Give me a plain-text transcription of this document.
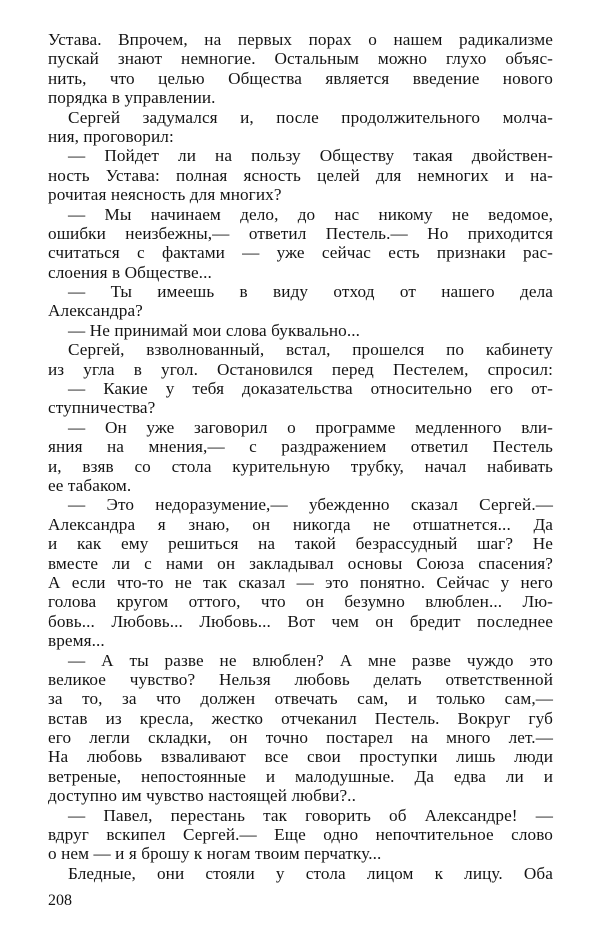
Устава. Впрочем, на первых порах о нашем радикализме
пускай знают немногие. Остальным можно глухо объяс-
нить, что целью Общества является введение нового
порядка в управлении.
Сергей задумался и, после продолжительного молча-
ния, проговорил:
— Пойдет ли на пользу Обществу такая двойствен-
ность Устава: полная ясность целей для немногих и на-
рочитая неясность для многих?
— Мы начинаем дело, до нас никому не ведомое,
ошибки неизбежны,— ответил Пестель.— Но приходится
считаться с фактами — уже сейчас есть признаки рас-
слоения в Обществе...
— Ты имеешь в виду отход от нашего дела
Александра?
— Не принимай мои слова буквально...
Сергей, взволнованный, встал, прошелся по кабинету
из угла в угол. Остановился перед Пестелем, спросил:
— Какие у тебя доказательства относительно его от-
ступничества?
— Он уже заговорил о программе медленного вли-
яния на мнения,— с раздражением ответил Пестель
и, взяв со стола курительную трубку, начал набивать
ее табаком.
— Это недоразумение,— убежденно сказал Сергей.—
Александра я знаю, он никогда не отшатнется... Да
и как ему решиться на такой безрассудный шаг? Не
вместе ли с нами он закладывал основы Союза спасения?
А если что-то не так сказал — это понятно. Сейчас у него
голова кругом оттого, что он безумно влюблен... Лю-
бовь... Любовь... Любовь... Вот чем он бредит последнее
время...
— А ты разве не влюблен? А мне разве чуждо это
великое чувство? Нельзя любовь делать ответственной
за то, за что должен отвечать сам, и только сам,—
встав из кресла, жестко отчеканил Пестель. Вокруг губ
его легли складки, он точно постарел на много лет.—
На любовь взваливают все свои проступки лишь люди
ветреные, непостоянные и малодушные. Да едва ли и
доступно им чувство настоящей любви?..
— Павел, перестань так говорить об Александре! —
вдруг вскипел Сергей.— Еще одно непочтительное слово
о нем — и я брошу к ногам твоим перчатку...
Бледные, они стояли у стола лицом к лицу. Оба
208
